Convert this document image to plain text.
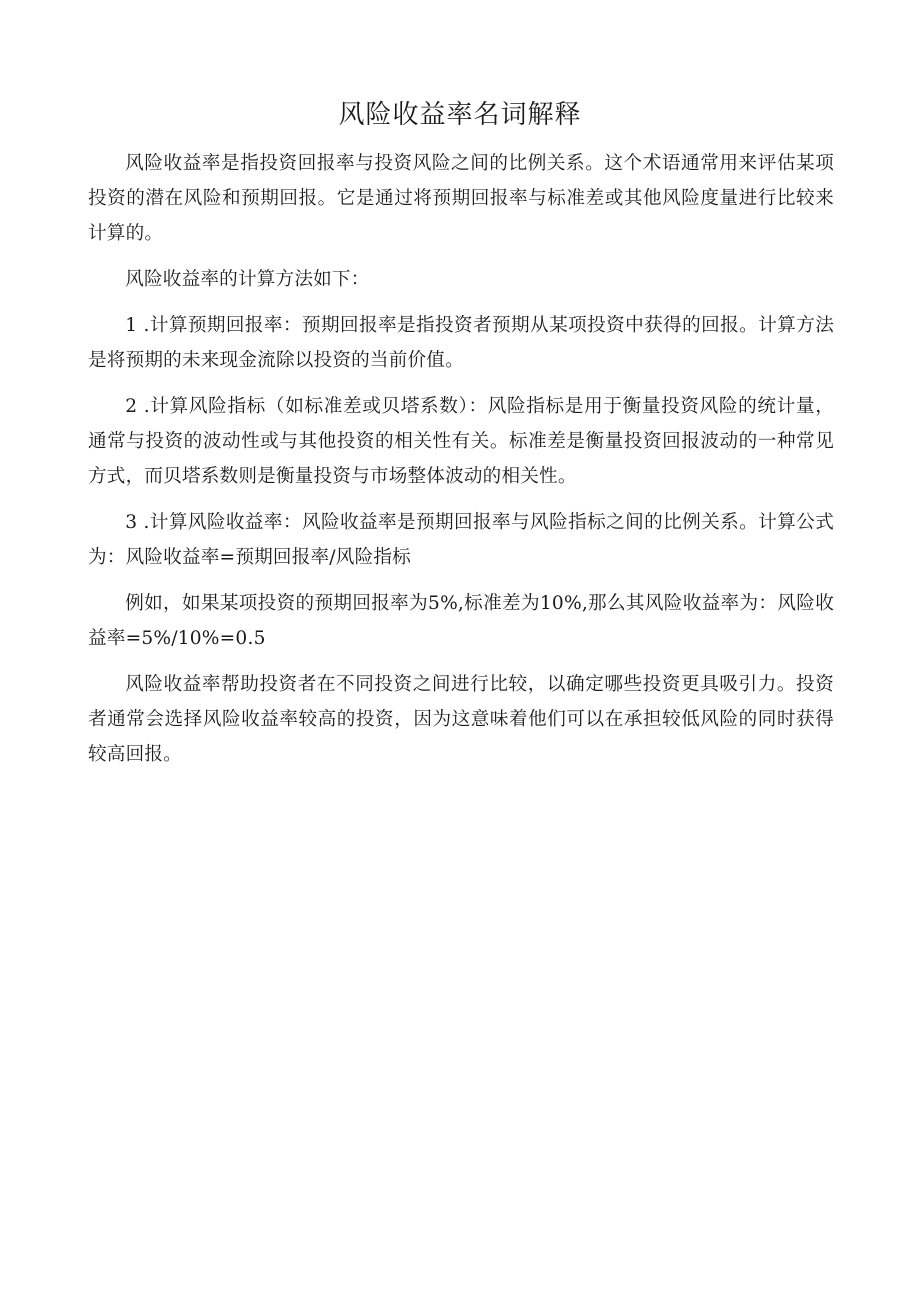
风险收益率名词解释

风险收益率是指投资回报率与投资风险之间的比例关系。这个术语通常用来评估某项投资的潜在风险和预期回报。它是通过将预期回报率与标准差或其他风险度量进行比较来计算的。

风险收益率的计算方法如下：

1 .计算预期回报率：预期回报率是指投资者预期从某项投资中获得的回报。计算方法是将预期的未来现金流除以投资的当前价值。

2 .计算风险指标（如标准差或贝塔系数）：风险指标是用于衡量投资风险的统计量，通常与投资的波动性或与其他投资的相关性有关。标准差是衡量投资回报波动的一种常见方式，而贝塔系数则是衡量投资与市场整体波动的相关性。

3 .计算风险收益率：风险收益率是预期回报率与风险指标之间的比例关系。计算公式为：风险收益率=预期回报率/风险指标

例如，如果某项投资的预期回报率为5%,标准差为10%,那么其风险收益率为：风险收益率=5%/10%=0.5

风险收益率帮助投资者在不同投资之间进行比较，以确定哪些投资更具吸引力。投资者通常会选择风险收益率较高的投资，因为这意味着他们可以在承担较低风险的同时获得较高回报。
